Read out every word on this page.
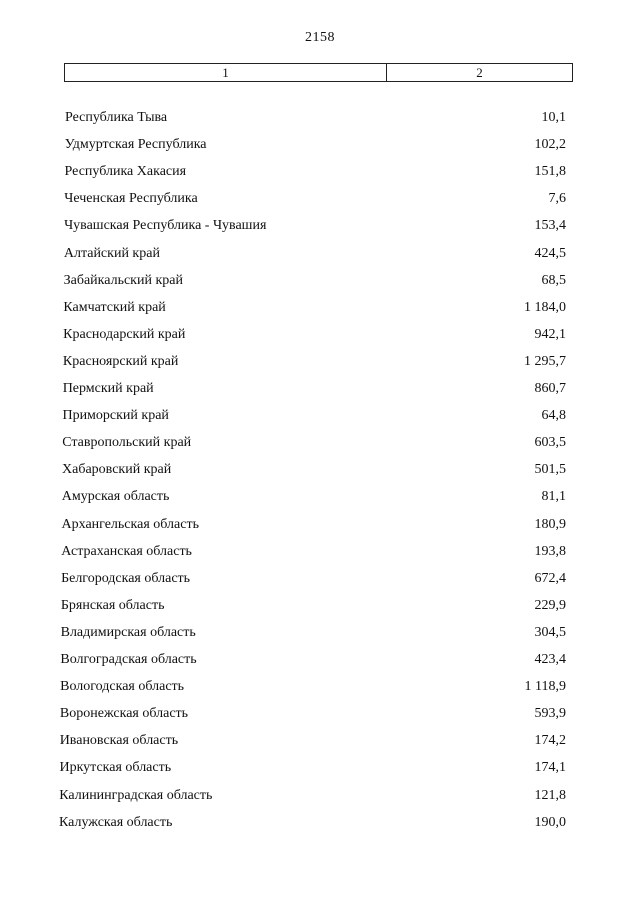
2158
1	2
Республика Тыва	10,1
Удмуртская Республика	102,2
Республика Хакасия	151,8
Чеченская Республика	7,6
Чувашская Республика - Чувашия	153,4
Алтайский край	424,5
Забайкальский край	68,5
Камчатский край	1 184,0
Краснодарский край	942,1
Красноярский край	1 295,7
Пермский край	860,7
Приморский край	64,8
Ставропольский край	603,5
Хабаровский край	501,5
Амурская область	81,1
Архангельская область	180,9
Астраханская область	193,8
Белгородская область	672,4
Брянская область	229,9
Владимирская область	304,5
Волгоградская область	423,4
Вологодская область	1 118,9
Воронежская область	593,9
Ивановская область	174,2
Иркутская область	174,1
Калининградская область	121,8
Калужская область	190,0
